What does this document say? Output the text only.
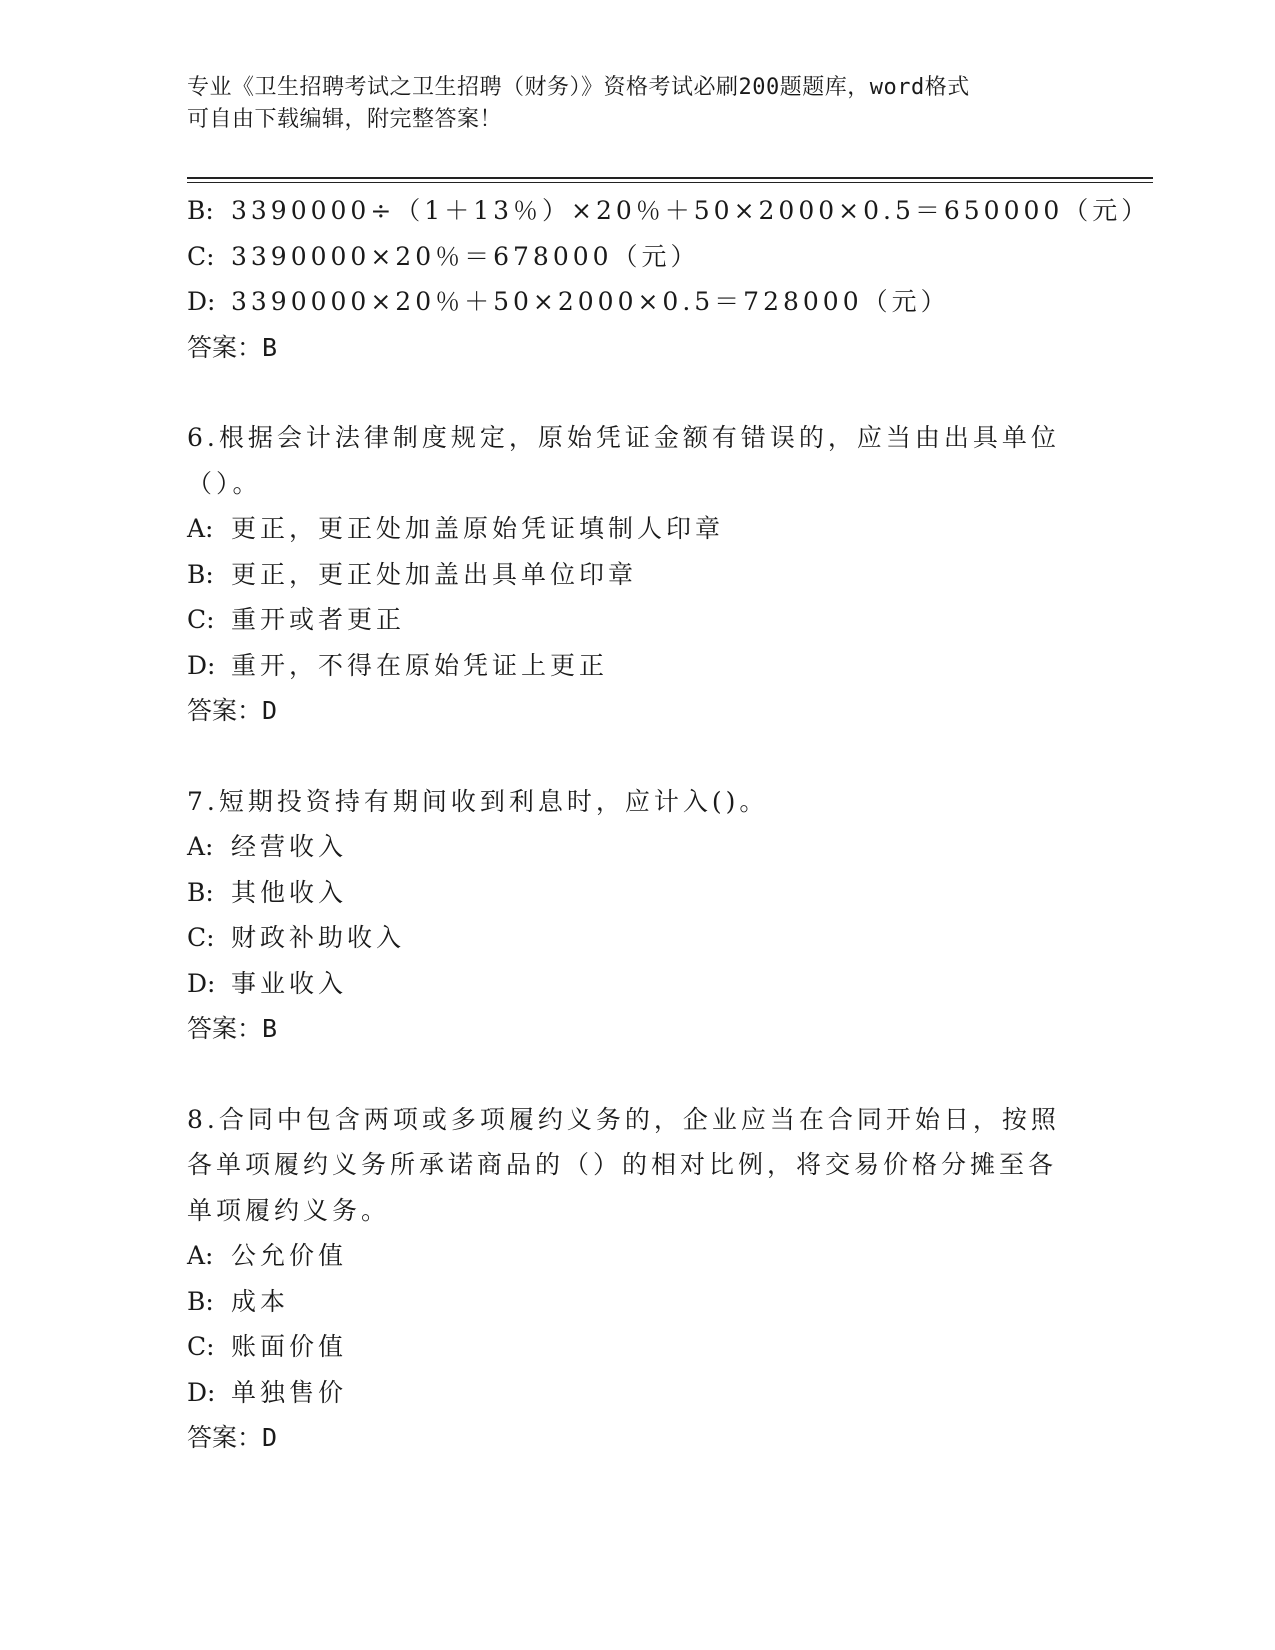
专业《卫生招聘考试之卫生招聘（财务）》资格考试必刷200题题库，word格式
可自由下载编辑，附完整答案！
B: 3390000÷（1＋13％）×20％＋50×2000×0.5＝650000（元）
C: 3390000×20％＝678000（元）
D: 3390000×20％＋50×2000×0.5＝728000（元）
答案：B
6.根据会计法律制度规定，原始凭证金额有错误的，应当由出具单位
（）。
A: 更正，更正处加盖原始凭证填制人印章
B: 更正，更正处加盖出具单位印章
C: 重开或者更正
D: 重开，不得在原始凭证上更正
答案：D
7.短期投资持有期间收到利息时，应计入()。
A: 经营收入
B: 其他收入
C: 财政补助收入
D: 事业收入
答案：B
8.合同中包含两项或多项履约义务的，企业应当在合同开始日，按照
各单项履约义务所承诺商品的（）的相对比例，将交易价格分摊至各
单项履约义务。
A: 公允价值
B: 成本
C: 账面价值
D: 单独售价
答案：D
